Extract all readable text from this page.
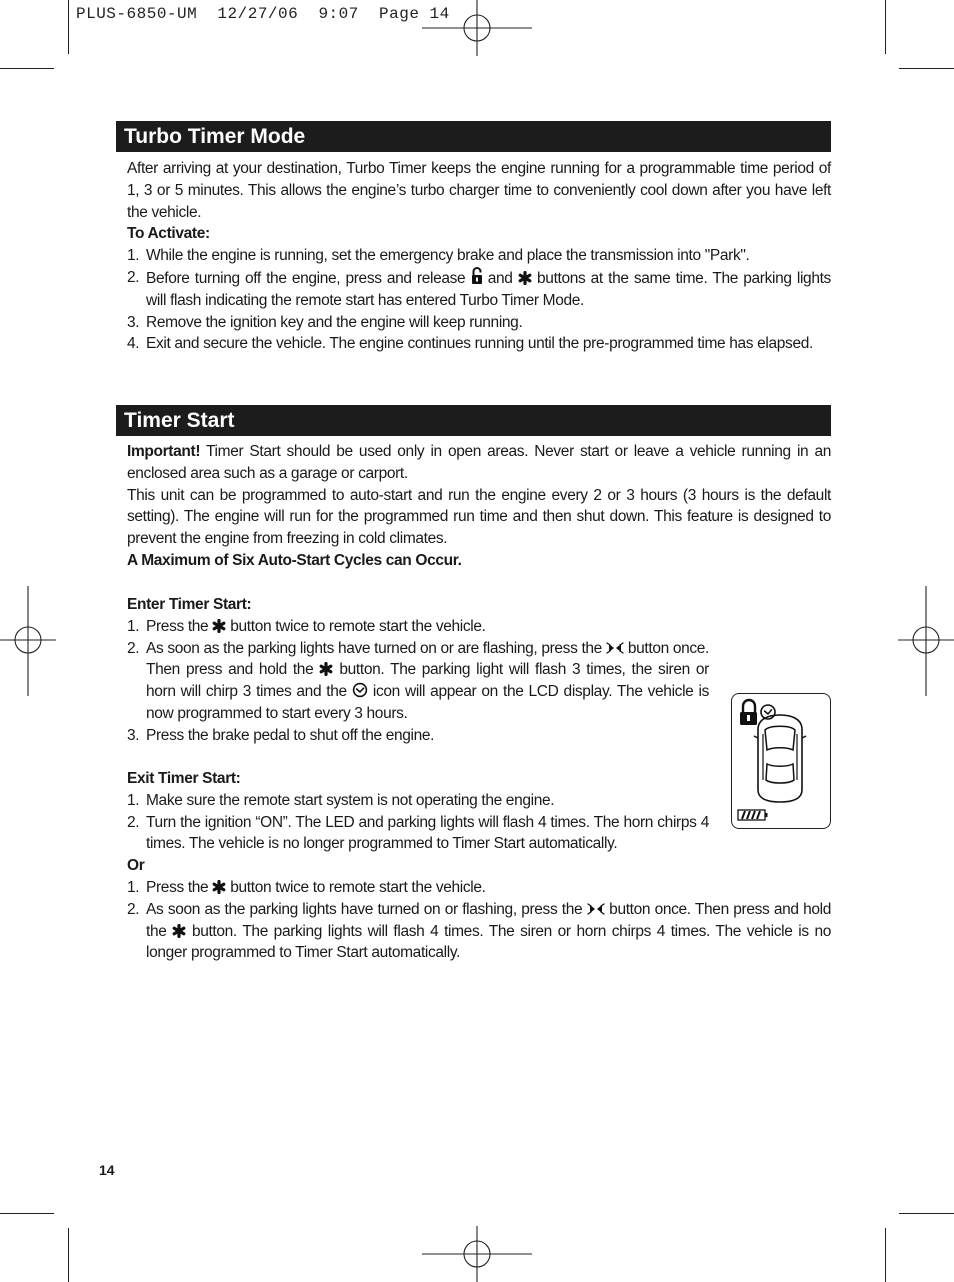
PLUS-6850-UM  12/27/06  9:07  Page 14
Turbo Timer Mode
After arriving at your destination, Turbo Timer keeps the engine running for a programmable time period of 1, 3 or 5 minutes. This allows the engine’s turbo charger time to conveniently cool down after you have left the vehicle.
To Activate:
1. While the engine is running, set the emergency brake and place the transmission into "Park".
2. Before turning off the engine, press and release and buttons at the same time. The parking lights will flash indicating the remote start has entered Turbo Timer Mode.
3. Remove the ignition key and the engine will keep running.
4. Exit and secure the vehicle. The engine continues running until the pre-programmed time has elapsed.
Timer Start
Important! Timer Start should be used only in open areas. Never start or leave a vehicle running in an enclosed area such as a garage or carport.
This unit can be programmed to auto-start and run the engine every 2 or 3 hours (3 hours is the default setting). The engine will run for the programmed run time and then shut down. This feature is designed to prevent the engine from freezing in cold climates.
A Maximum of Six Auto-Start Cycles can Occur.
Enter Timer Start:
1. Press the button twice to remote start the vehicle.
2. As soon as the parking lights have turned on or are flashing, press the button once. Then press and hold the button. The parking light will flash 3 times, the siren or horn will chirp 3 times and the icon will appear on the LCD display. The vehicle is now programmed to start every 3 hours.
3. Press the brake pedal to shut off the engine.
Exit Timer Start:
1. Make sure the remote start system is not operating the engine.
2. Turn the ignition “ON”. The LED and parking lights will flash 4 times. The horn chirps 4 times. The vehicle is no longer programmed to Timer Start automatically.
Or
1. Press the button twice to remote start the vehicle.
2. As soon as the parking lights have turned on or flashing, press the button once. Then press and hold the button. The parking lights will flash 4 times. The siren or horn chirps 4 times. The vehicle is no longer programmed to Timer Start automatically.
14
